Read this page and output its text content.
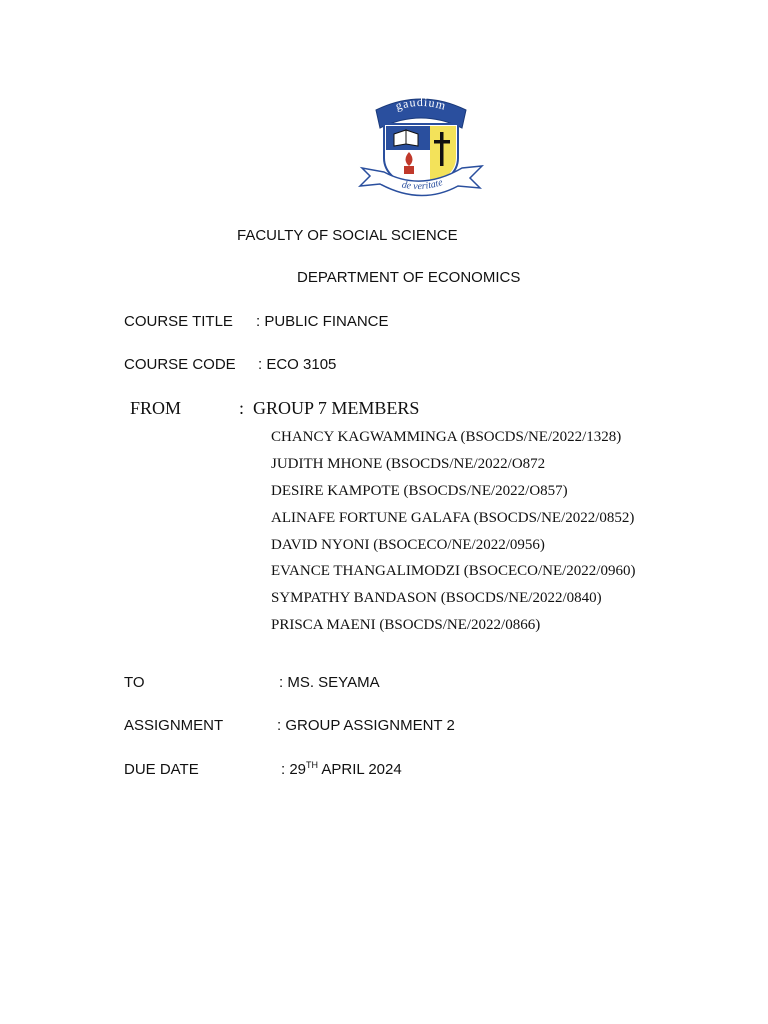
gaudium
de veritate
FACULTY OF SOCIAL SCIENCE
DEPARTMENT OF ECONOMICS
COURSE TITLE : PUBLIC FINANCE
COURSE CODE : ECO 3105
FROM	:  GROUP 7 MEMBERS
CHANCY KAGWAMMINGA (BSOCDS/NE/2022/1328)
JUDITH MHONE (BSOCDS/NE/2022/O872
DESIRE KAMPOTE (BSOCDS/NE/2022/O857)
ALINAFE FORTUNE GALAFA (BSOCDS/NE/2022/0852)
DAVID NYONI (BSOCECO/NE/2022/0956)
EVANCE THANGALIMODZI (BSOCECO/NE/2022/0960)
SYMPATHY BANDASON (BSOCDS/NE/2022/0840)
PRISCA MAENI (BSOCDS/NE/2022/0866)
TO	: MS. SEYAMA
ASSIGNMENT	: GROUP ASSIGNMENT 2
DUE DATE	: 29TH APRIL 2024
